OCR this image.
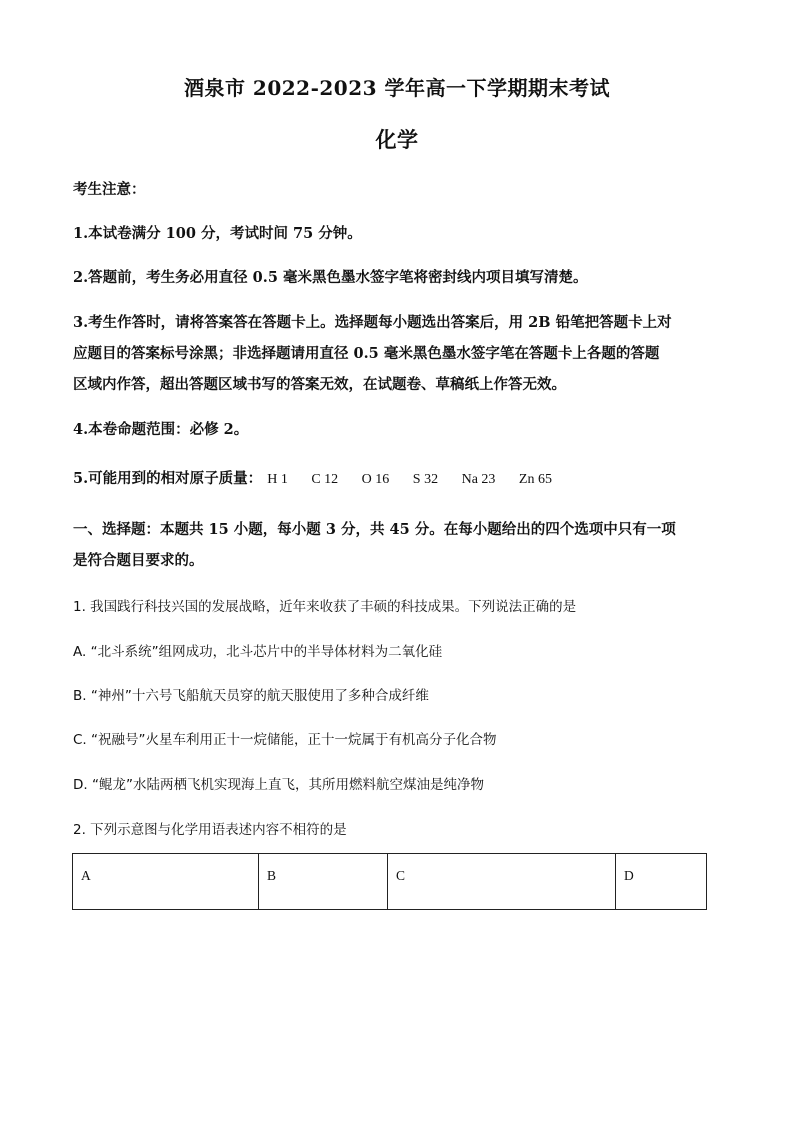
酒泉市 2022-2023 学年高一下学期期末考试
化学
考生注意：
1.本试卷满分 100 分，考试时间 75 分钟。
2.答题前，考生务必用直径 0.5 毫米黑色墨水签字笔将密封线内项目填写清楚。
3.考生作答时，请将答案答在答题卡上。选择题每小题选出答案后，用 2B 铅笔把答题卡上对
应题目的答案标号涂黑；非选择题请用直径 0.5 毫米黑色墨水签字笔在答题卡上各题的答题
区域内作答，超出答题区域书写的答案无效，在试题卷、草稿纸上作答无效。
4.本卷命题范围：必修 2。
5.可能用到的相对原子质量： H 1 C 12 O 16 S 32 Na 23 Zn 65
一、选择题：本题共 15 小题，每小题 3 分，共 45 分。在每小题给出的四个选项中只有一项
是符合题目要求的。
1. 我国践行科技兴国的发展战略，近年来收获了丰硕的科技成果。下列说法正确的是
A. “北斗系统”组网成功，北斗芯片中的半导体材料为二氧化硅
B. “神州”十六号飞船航天员穿的航天服使用了多种合成纤维
C. “祝融号”火星车利用正十一烷储能，正十一烷属于有机高分子化合物
D. “鲲龙”水陆两栖飞机实现海上直飞，其所用燃料航空煤油是纯净物
2. 下列示意图与化学用语表述内容不相符的是
A	B	C	D
